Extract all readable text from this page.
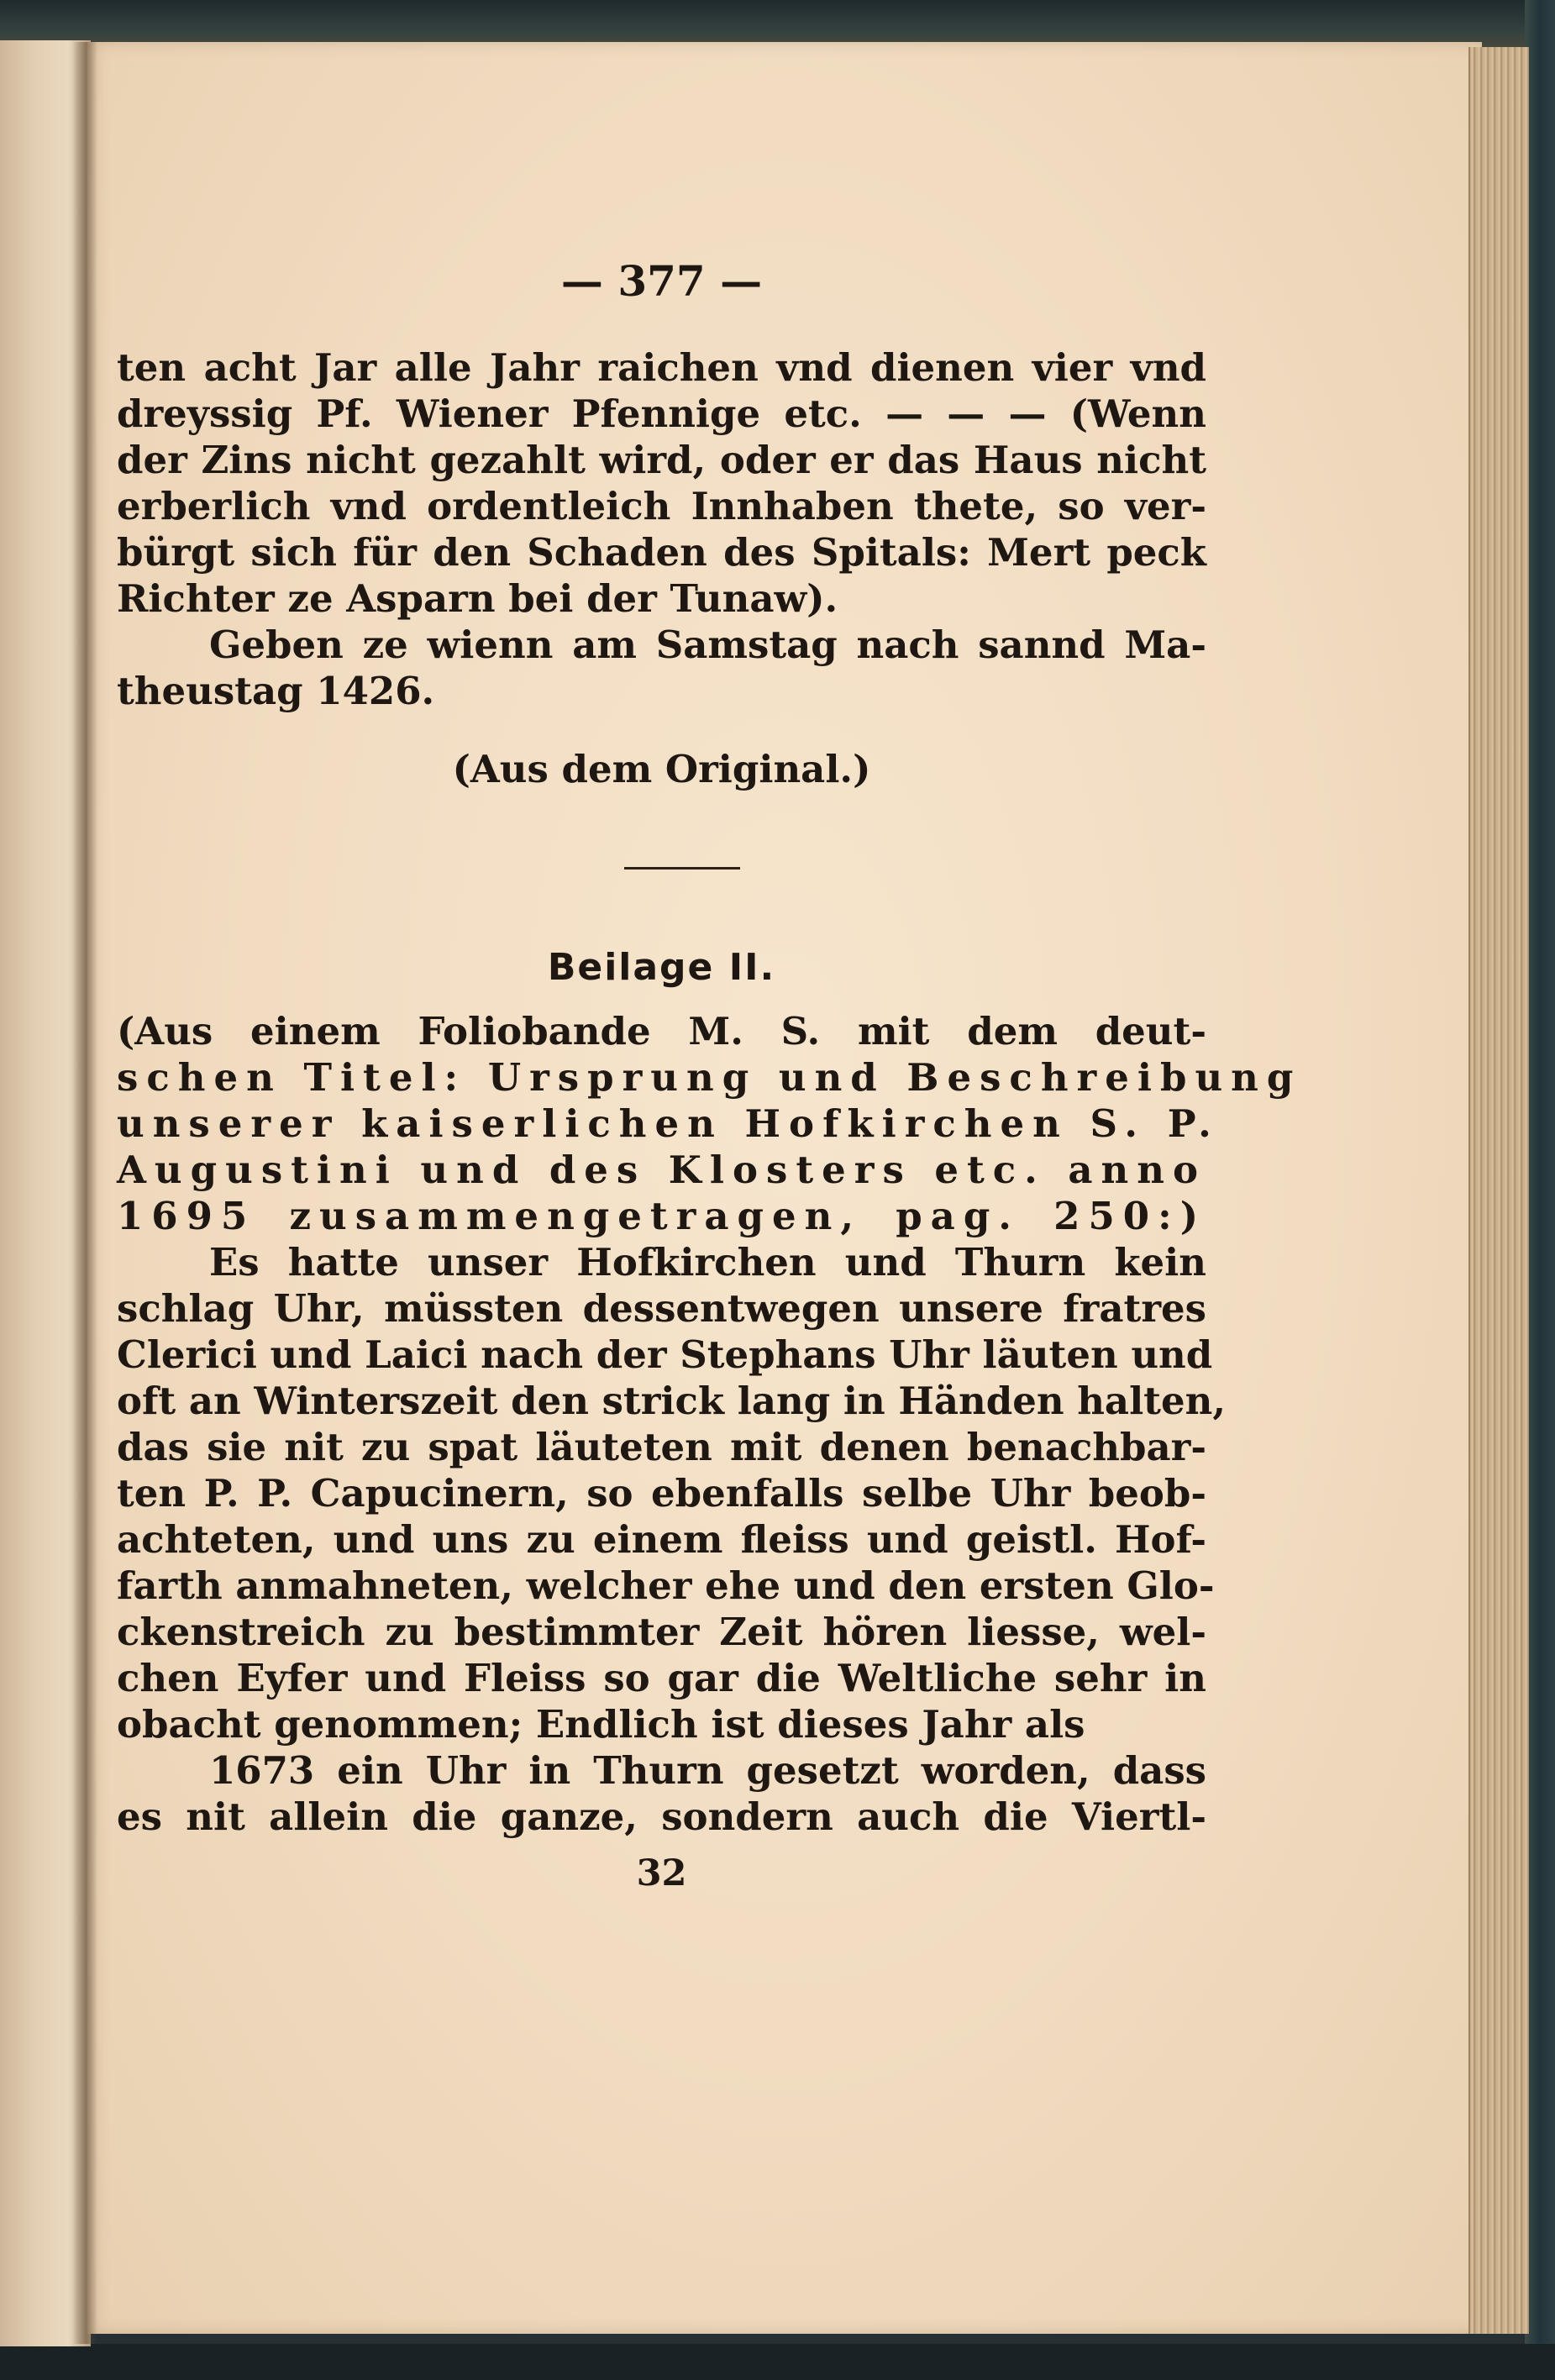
— 377 —
ten acht Jar alle Jahr raichen vnd dienen vier vnd
dreyssig Pf. Wiener Pfennige etc. — — — (Wenn
der Zins nicht gezahlt wird, oder er das Haus nicht
erberlich vnd ordentleich Innhaben thete, so ver-
bürgt sich für den Schaden des Spitals: Mert peck
Richter ze Asparn bei der Tunaw).
Geben ze wienn am Samstag nach sannd Ma-
theustag 1426.
(Aus dem Original.)
Beilage II.
(Aus einem Foliobande M. S. mit dem deut-
schen Titel: Ursprung und Beschreibung
unserer kaiserlichen Hofkirchen S. P.
Augustini und des Klosters etc. anno
1695 zusammengetragen, pag. 250:)
Es hatte unser Hofkirchen und Thurn kein
schlag Uhr, müssten dessentwegen unsere fratres
Clerici und Laici nach der Stephans Uhr läuten und
oft an Winterszeit den strick lang in Händen halten,
das sie nit zu spat läuteten mit denen benachbar-
ten P. P. Capucinern, so ebenfalls selbe Uhr beob-
achteten, und uns zu einem fleiss und geistl. Hof-
farth anmahneten, welcher ehe und den ersten Glo-
ckenstreich zu bestimmter Zeit hören liesse, wel-
chen Eyfer und Fleiss so gar die Weltliche sehr in
obacht genommen; Endlich ist dieses Jahr als
1673 ein Uhr in Thurn gesetzt worden, dass
es nit allein die ganze, sondern auch die Viertl-
32
